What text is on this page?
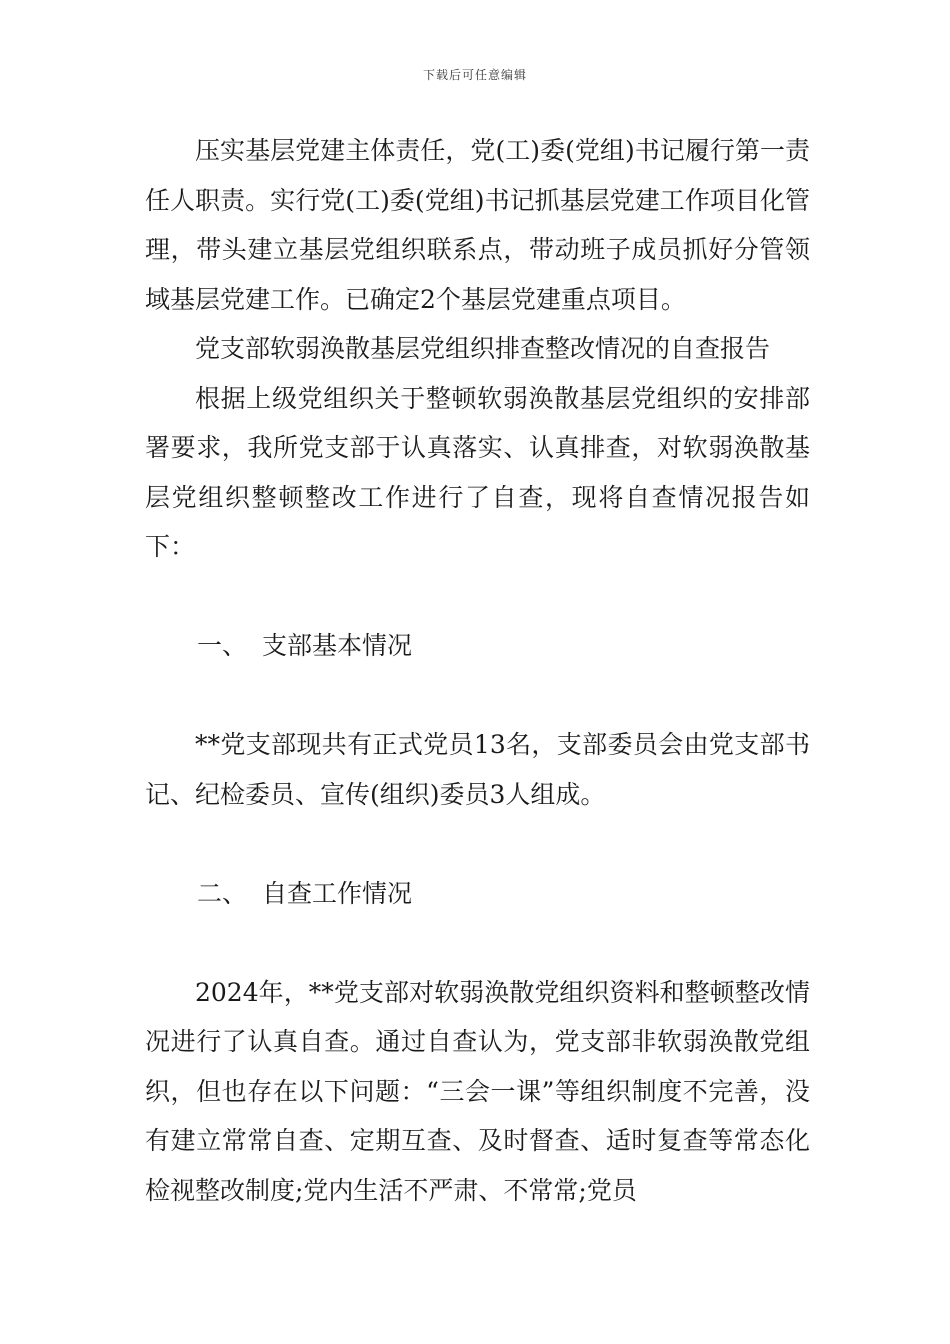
下载后可任意编辑

压实基层党建主体责任，党(工)委(党组)书记履行第一责任人职责。实行党(工)委(党组)书记抓基层党建工作项目化管理，带头建立基层党组织联系点，带动班子成员抓好分管领域基层党建工作。已确定2个基层党建重点项目。

党支部软弱涣散基层党组织排查整改情况的自查报告

根据上级党组织关于整顿软弱涣散基层党组织的安排部署要求，我所党支部于认真落实、认真排查，对软弱涣散基层党组织整顿整改工作进行了自查，现将自查情况报告如下：

一、 支部基本情况

**党支部现共有正式党员13名，支部委员会由党支部书记、纪检委员、宣传(组织)委员3人组成。

二、 自查工作情况

2024年，**党支部对软弱涣散党组织资料和整顿整改情况进行了认真自查。通过自查认为，党支部非软弱涣散党组织，但也存在以下问题：“三会一课”等组织制度不完善，没有建立常常自查、定期互查、及时督查、适时复查等常态化检视整改制度;党内生活不严肃、不常常;党员
